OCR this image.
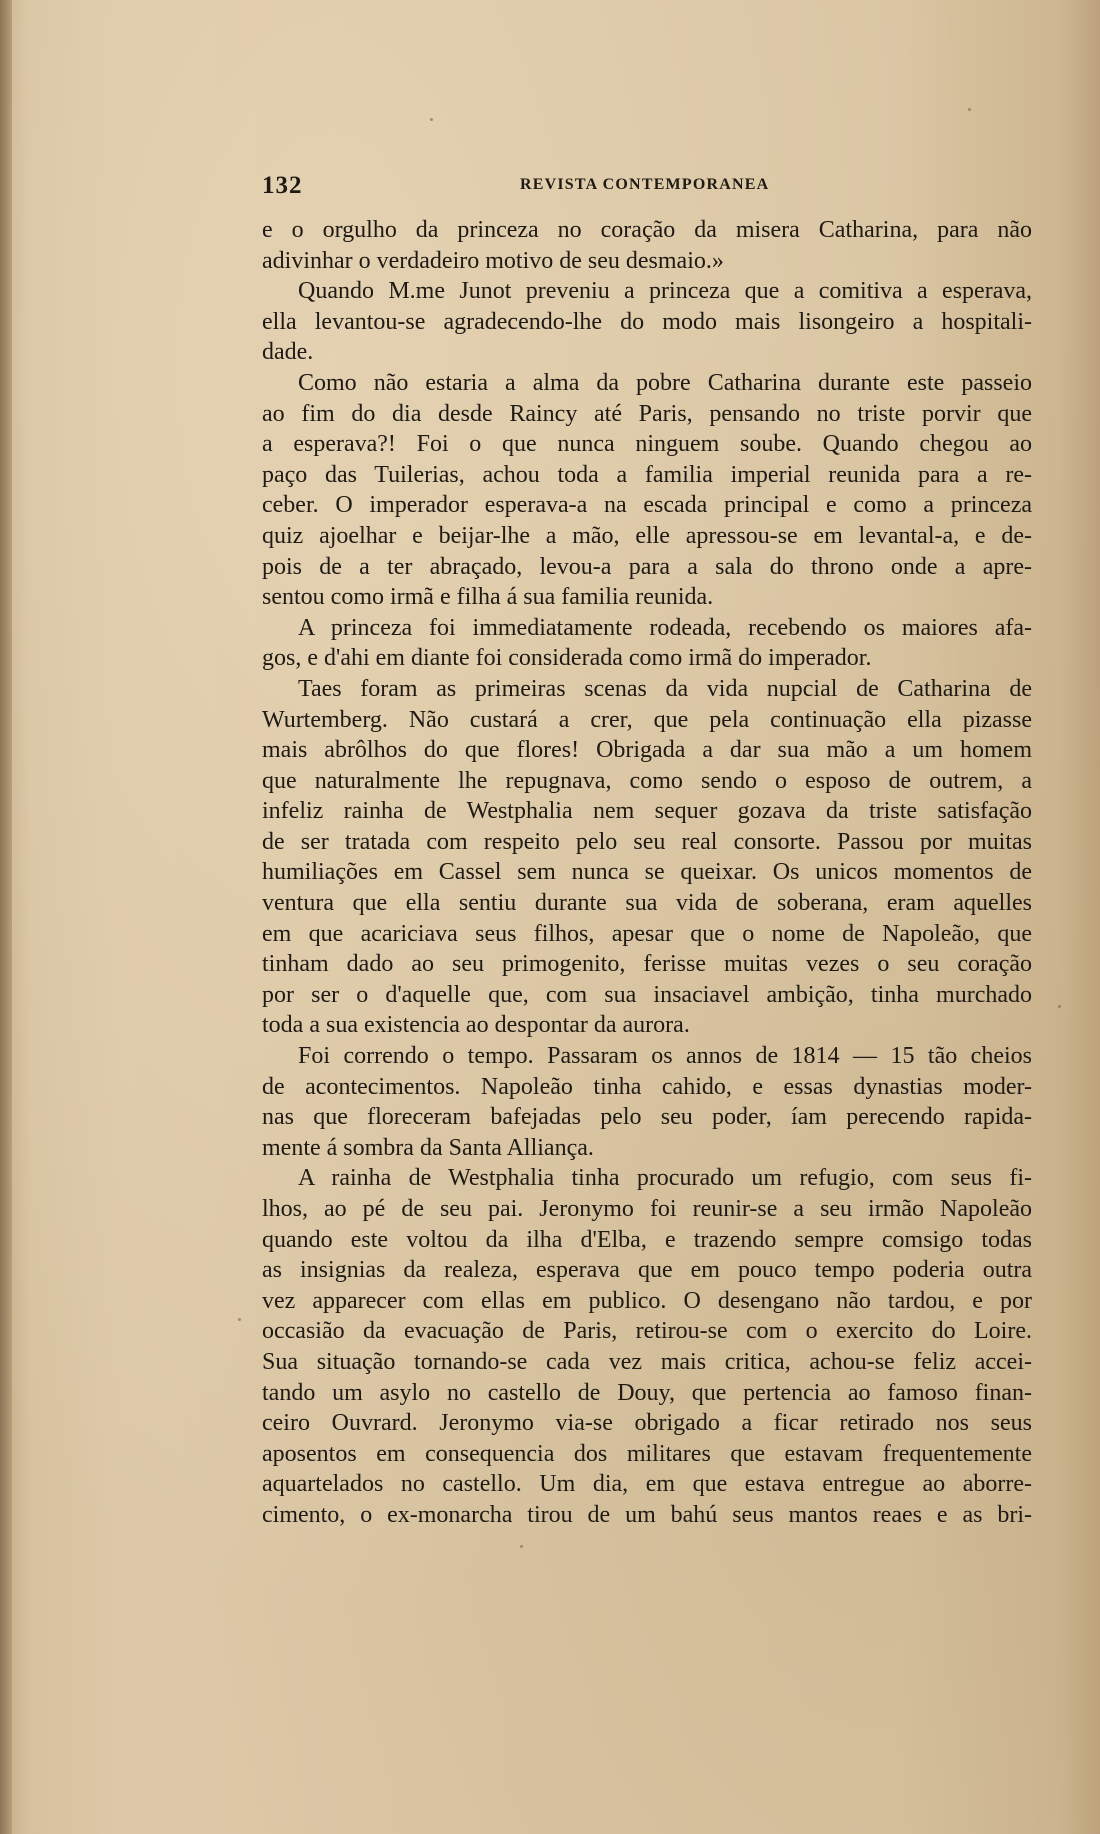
132	REVISTA CONTEMPORANEA
e o orgulho da princeza no coração da misera Catharina, para não
adivinhar o verdadeiro motivo de seu desmaio.»
Quando M.me Junot preveniu a princeza que a comitiva a esperava,
ella levantou-se agradecendo-lhe do modo mais lisongeiro a hospitali-
dade.
Como não estaria a alma da pobre Catharina durante este passeio
ao fim do dia desde Raincy até Paris, pensando no triste porvir que
a esperava?! Foi o que nunca ninguem soube. Quando chegou ao
paço das Tuilerias, achou toda a familia imperial reunida para a re-
ceber. O imperador esperava-a na escada principal e como a princeza
quiz ajoelhar e beijar-lhe a mão, elle apressou-se em levantal-a, e de-
pois de a ter abraçado, levou-a para a sala do throno onde a apre-
sentou como irmã e filha á sua familia reunida.
A princeza foi immediatamente rodeada, recebendo os maiores afa-
gos, e d'ahi em diante foi considerada como irmã do imperador.
Taes foram as primeiras scenas da vida nupcial de Catharina de
Wurtemberg. Não custará a crer, que pela continuação ella pizasse
mais abrôlhos do que flores! Obrigada a dar sua mão a um homem
que naturalmente lhe repugnava, como sendo o esposo de outrem, a
infeliz rainha de Westphalia nem sequer gozava da triste satisfação
de ser tratada com respeito pelo seu real consorte. Passou por muitas
humiliações em Cassel sem nunca se queixar. Os unicos momentos de
ventura que ella sentiu durante sua vida de soberana, eram aquelles
em que acariciava seus filhos, apesar que o nome de Napoleão, que
tinham dado ao seu primogenito, ferisse muitas vezes o seu coração
por ser o d'aquelle que, com sua insaciavel ambição, tinha murchado
toda a sua existencia ao despontar da aurora.
Foi correndo o tempo. Passaram os annos de 1814 — 15 tão cheios
de acontecimentos. Napoleão tinha cahido, e essas dynastias moder-
nas que floreceram bafejadas pelo seu poder, íam perecendo rapida-
mente á sombra da Santa Alliança.
A rainha de Westphalia tinha procurado um refugio, com seus fi-
lhos, ao pé de seu pai. Jeronymo foi reunir-se a seu irmão Napoleão
quando este voltou da ilha d'Elba, e trazendo sempre comsigo todas
as insignias da realeza, esperava que em pouco tempo poderia outra
vez apparecer com ellas em publico. O desengano não tardou, e por
occasião da evacuação de Paris, retirou-se com o exercito do Loire.
Sua situação tornando-se cada vez mais critica, achou-se feliz accei-
tando um asylo no castello de Douy, que pertencia ao famoso finan-
ceiro Ouvrard. Jeronymo via-se obrigado a ficar retirado nos seus
aposentos em consequencia dos militares que estavam frequentemente
aquartelados no castello. Um dia, em que estava entregue ao aborre-
cimento, o ex-monarcha tirou de um bahú seus mantos reaes e as bri-
